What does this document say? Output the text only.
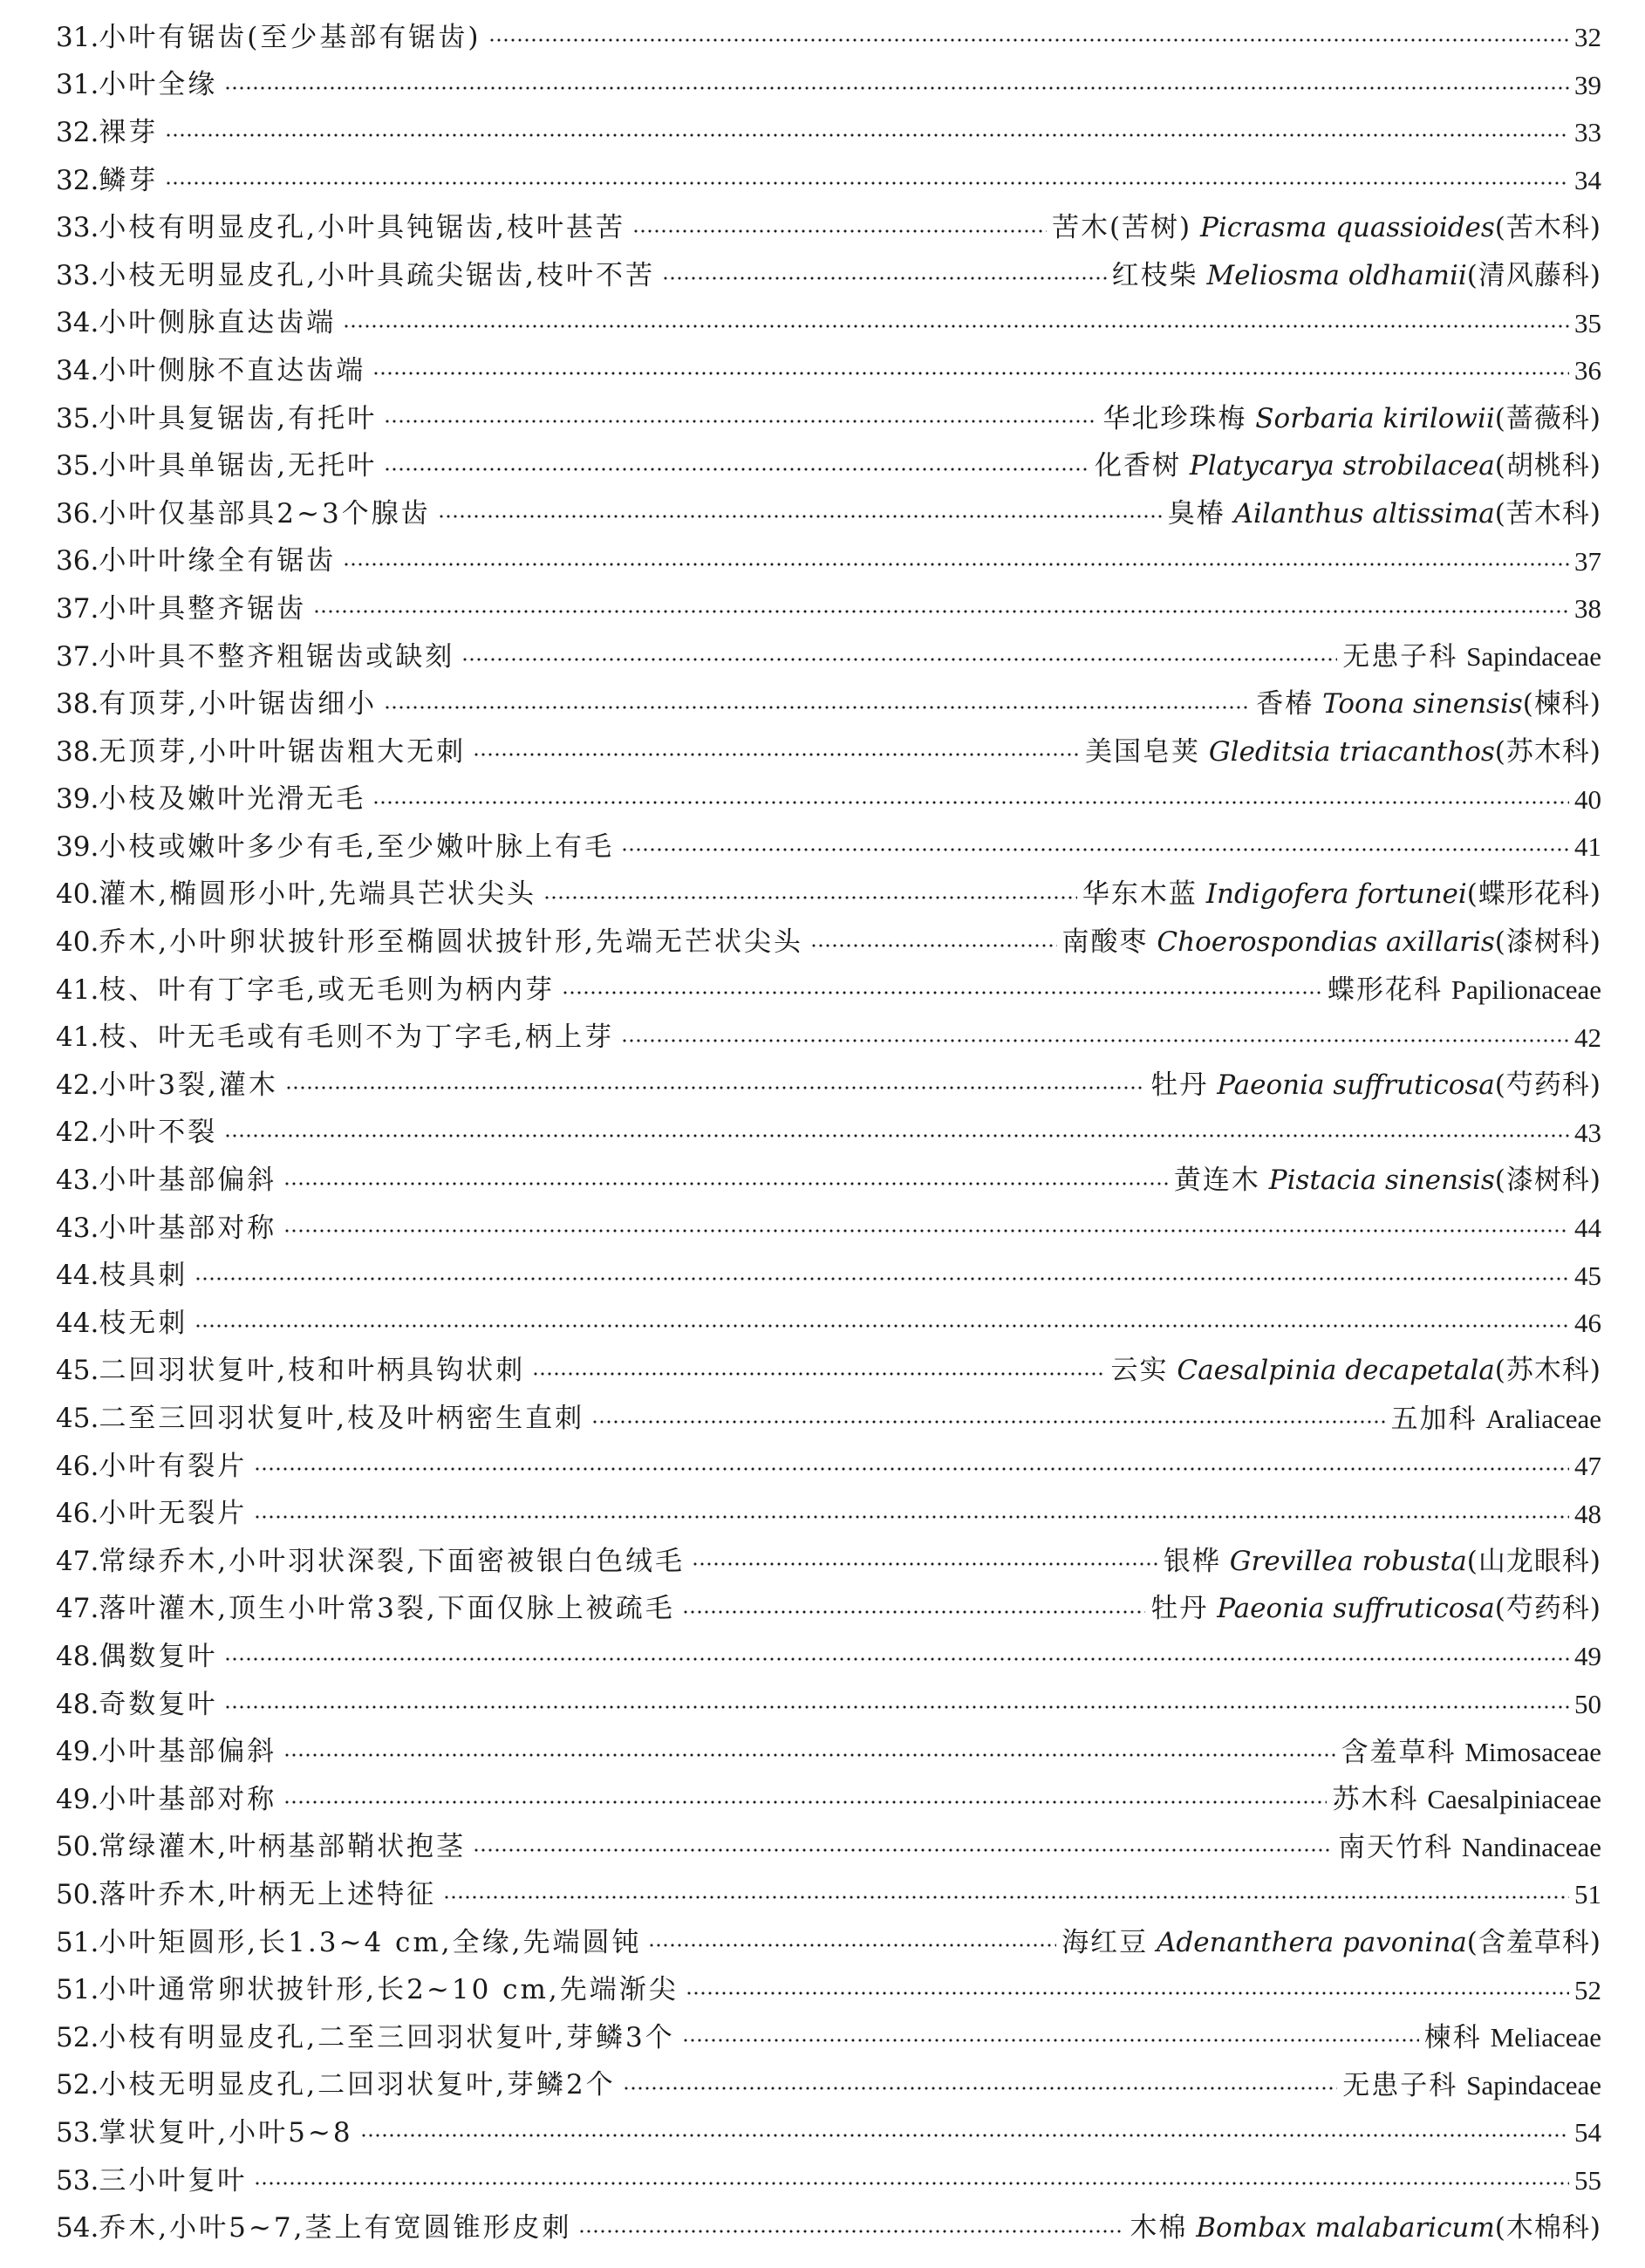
31. 小叶有锯齿(至少基部有锯齿)	32
31. 小叶全缘	39
32. 裸芽	33
32. 鳞芽	34
33. 小枝有明显皮孔,小叶具钝锯齿,枝叶甚苦	苦木(苦树) Picrasma quassioides(苦木科)
33. 小枝无明显皮孔,小叶具疏尖锯齿,枝叶不苦	红枝柴 Meliosma oldhamii(清风藤科)
34. 小叶侧脉直达齿端	35
34. 小叶侧脉不直达齿端	36
35. 小叶具复锯齿,有托叶	华北珍珠梅 Sorbaria kirilowii(蔷薇科)
35. 小叶具单锯齿,无托叶	化香树 Platycarya strobilacea(胡桃科)
36. 小叶仅基部具2~3个腺齿	臭椿 Ailanthus altissima(苦木科)
36. 小叶叶缘全有锯齿	37
37. 小叶具整齐锯齿	38
37. 小叶具不整齐粗锯齿或缺刻	无患子科 Sapindaceae
38. 有顶芽,小叶锯齿细小	香椿 Toona sinensis(楝科)
38. 无顶芽,小叶叶锯齿粗大无刺	美国皂荚 Gleditsia triacanthos(苏木科)
39. 小枝及嫩叶光滑无毛	40
39. 小枝或嫩叶多少有毛,至少嫩叶脉上有毛	41
40. 灌木,椭圆形小叶,先端具芒状尖头	华东木蓝 Indigofera fortunei(蝶形花科)
40. 乔木,小叶卵状披针形至椭圆状披针形,先端无芒状尖头	南酸枣 Choerospondias axillaris(漆树科)
41. 枝、叶有丁字毛,或无毛则为柄内芽	蝶形花科 Papilionaceae
41. 枝、叶无毛或有毛则不为丁字毛,柄上芽	42
42. 小叶3裂,灌木	牡丹 Paeonia suffruticosa(芍药科)
42. 小叶不裂	43
43. 小叶基部偏斜	黄连木 Pistacia sinensis(漆树科)
43. 小叶基部对称	44
44. 枝具刺	45
44. 枝无刺	46
45. 二回羽状复叶,枝和叶柄具钩状刺	云实 Caesalpinia decapetala(苏木科)
45. 二至三回羽状复叶,枝及叶柄密生直刺	五加科 Araliaceae
46. 小叶有裂片	47
46. 小叶无裂片	48
47. 常绿乔木,小叶羽状深裂,下面密被银白色绒毛	银桦 Grevillea robusta(山龙眼科)
47. 落叶灌木,顶生小叶常3裂,下面仅脉上被疏毛	牡丹 Paeonia suffruticosa(芍药科)
48. 偶数复叶	49
48. 奇数复叶	50
49. 小叶基部偏斜	含羞草科 Mimosaceae
49. 小叶基部对称	苏木科 Caesalpiniaceae
50. 常绿灌木,叶柄基部鞘状抱茎	南天竹科 Nandinaceae
50. 落叶乔木,叶柄无上述特征	51
51. 小叶矩圆形,长1.3~4 cm,全缘,先端圆钝	海红豆 Adenanthera pavonina(含羞草科)
51. 小叶通常卵状披针形,长2~10 cm,先端渐尖	52
52. 小枝有明显皮孔,二至三回羽状复叶,芽鳞3个	楝科 Meliaceae
52. 小枝无明显皮孔,二回羽状复叶,芽鳞2个	无患子科 Sapindaceae
53. 掌状复叶,小叶5~8	54
53. 三小叶复叶	55
54. 乔木,小叶5~7,茎上有宽圆锥形皮刺	木棉 Bombax malabaricum(木棉科)
